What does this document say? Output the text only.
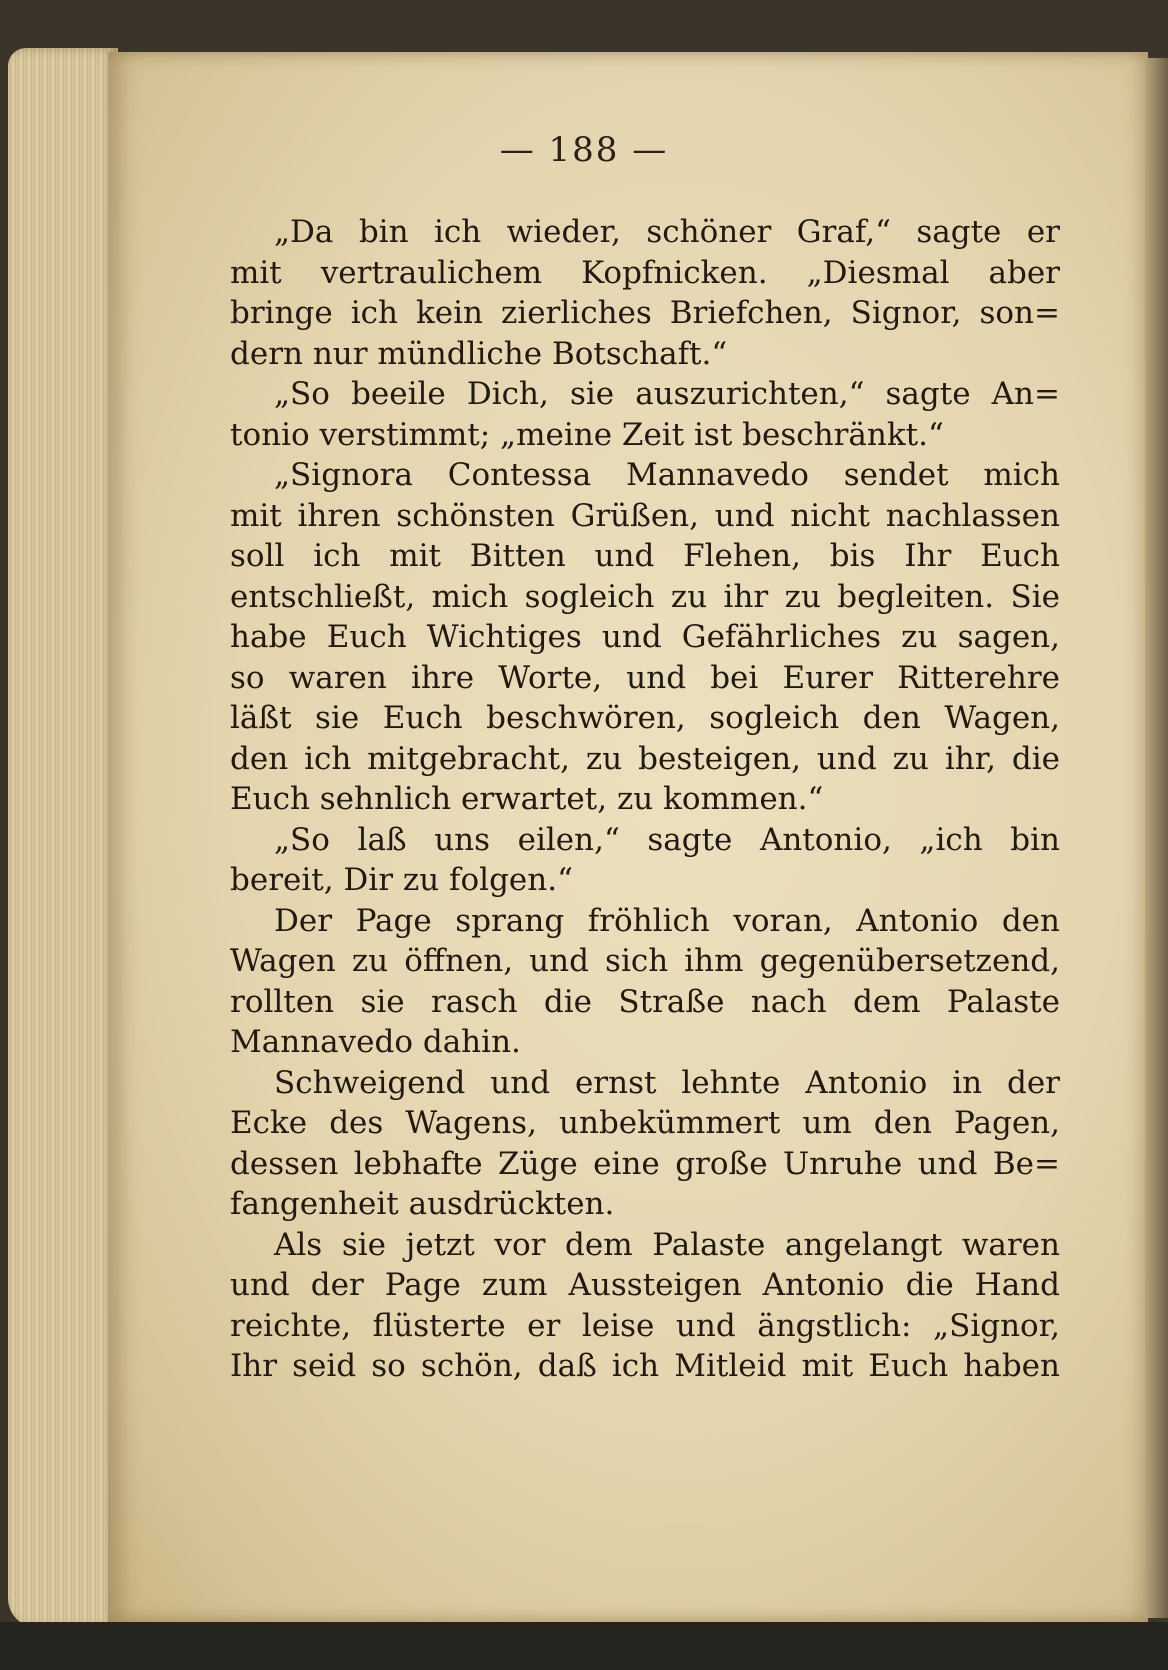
— 188 —
„Da bin ich wieder, schöner Graf,“ sagte er
mit vertraulichem Kopfnicken. „Diesmal aber
bringe ich kein zierliches Briefchen, Signor, son=
dern nur mündliche Botschaft.“
„So beeile Dich, sie auszurichten,“ sagte An=
tonio verstimmt; „meine Zeit ist beschränkt.“
„Signora Contessa Mannavedo sendet mich
mit ihren schönsten Grüßen, und nicht nachlassen
soll ich mit Bitten und Flehen, bis Ihr Euch
entschließt, mich sogleich zu ihr zu begleiten. Sie
habe Euch Wichtiges und Gefährliches zu sagen,
so waren ihre Worte, und bei Eurer Ritterehre
läßt sie Euch beschwören, sogleich den Wagen,
den ich mitgebracht, zu besteigen, und zu ihr, die
Euch sehnlich erwartet, zu kommen.“
„So laß uns eilen,“ sagte Antonio, „ich bin
bereit, Dir zu folgen.“
Der Page sprang fröhlich voran, Antonio den
Wagen zu öffnen, und sich ihm gegenübersetzend,
rollten sie rasch die Straße nach dem Palaste
Mannavedo dahin.
Schweigend und ernst lehnte Antonio in der
Ecke des Wagens, unbekümmert um den Pagen,
dessen lebhafte Züge eine große Unruhe und Be=
fangenheit ausdrückten.
Als sie jetzt vor dem Palaste angelangt waren
und der Page zum Aussteigen Antonio die Hand
reichte, flüsterte er leise und ängstlich: „Signor,
Ihr seid so schön, daß ich Mitleid mit Euch haben
